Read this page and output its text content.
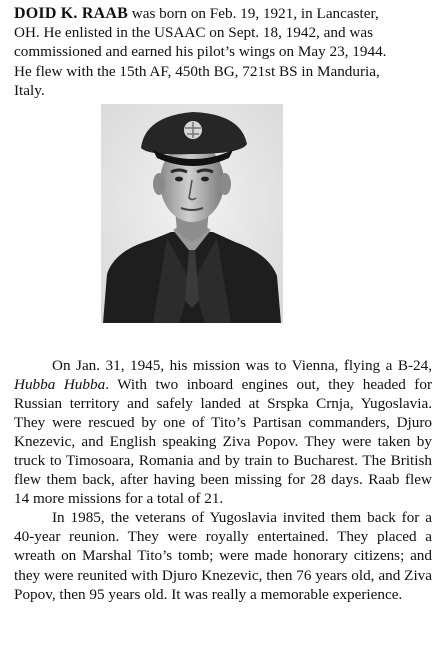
DOID K. RAAB was born on Feb. 19, 1921, in Lancaster,
OH. He enlisted in the USAAC on Sept. 18, 1942, and was
commissioned and earned his pilot’s wings on May 23, 1944.
He flew with the 15th AF, 450th BG, 721st BS in Manduria,
Italy.

On Jan. 31, 1945, his mission was to Vienna, flying a B-24, Hubba Hubba. With two inboard engines out, they headed for Russian territory and safely landed at Srspka Crnja, Yugoslavia. They were rescued by one of Tito’s Partisan commanders, Djuro Knezevic, and English speaking Ziva Popov. They were taken by truck to Timosoara, Romania and by train to Bucharest. The British flew them back, after having been missing for 28 days. Raab flew 14 more missions for a total of 21.

In 1985, the veterans of Yugoslavia invited them back for a 40-year reunion. They were royally entertained. They placed a wreath on Marshal Tito’s tomb; were made honorary citizens; and they were reunited with Djuro Knezevic, then 76 years old, and Ziva Popov, then 95 years old. It was really a memorable experience.
